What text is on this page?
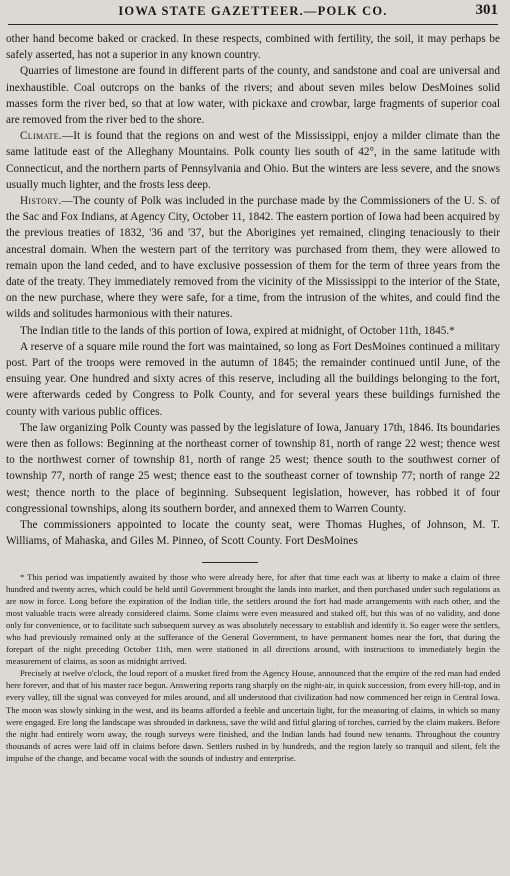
IOWA STATE GAZETTEER.—POLK CO.	301

other hand become baked or cracked. In these respects, combined with fertility, the soil, it may perhaps be safely asserted, has not a superior in any known country.

Quarries of limestone are found in different parts of the county, and sandstone and coal are universal and inexhaustible. Coal outcrops on the banks of the rivers; and about seven miles below DesMoines solid masses form the river bed, so that at low water, with pickaxe and crowbar, large fragments of superior coal are removed from the river bed to the shore.

Climate.—It is found that the regions on and west of the Mississippi, enjoy a milder climate than the same latitude east of the Alleghany Mountains. Polk county lies south of 42°, in the same latitude with Connecticut, and the northern parts of Pennsylvania and Ohio. But the winters are less severe, and the snows usually much lighter, and the frosts less deep.

History.—The county of Polk was included in the purchase made by the Commissioners of the U. S. of the Sac and Fox Indians, at Agency City, October 11, 1842. The eastern portion of Iowa had been acquired by the previous treaties of 1832, '36 and '37, but the Aborigines yet remained, clinging tenaciously to their ancestral domain. When the western part of the territory was purchased from them, they were allowed to remain upon the land ceded, and to have exclusive possession of them for the term of three years from the date of the treaty. They immediately removed from the vicinity of the Mississippi to the interior of the State, on the new purchase, where they were safe, for a time, from the intrusion of the whites, and could find the wilds and solitudes harmonious with their natures.

The Indian title to the lands of this portion of Iowa, expired at midnight, of October 11th, 1845.*

A reserve of a square mile round the fort was maintained, so long as Fort DesMoines continued a military post. Part of the troops were removed in the autumn of 1845; the remainder continued until June, of the ensuing year. One hundred and sixty acres of this reserve, including all the buildings belonging to the fort, were afterwards ceded by Congress to Polk County, and for several years these buildings furnished the county with various public offices.

The law organizing Polk County was passed by the legislature of Iowa, January 17th, 1846. Its boundaries were then as follows: Beginning at the northeast corner of township 81, north of range 22 west; thence west to the northwest corner of township 81, north of range 25 west; thence south to the southwest corner of township 77, north of range 25 west; thence east to the southeast corner of township 77; north of range 22 west; thence north to the place of beginning. Subsequent legislation, however, has robbed it of four congressional townships, along its southern border, and annexed them to Warren County.

The commissioners appointed to locate the county seat, were Thomas Hughes, of Johnson, M. T. Williams, of Mahaska, and Giles M. Pinneo, of Scott County. Fort DesMoines

* This period was impatiently awaited by those who were already here, for after that time each was at liberty to make a claim of three hundred and twenty acres, which could be held until Government brought the lands into market, and then purchased under such regulations as are now in force. Long before the expiration of the Indian title, the settlers around the fort had made arrangements with each other, and the most valuable tracts were already considered claims. Some claims were even measured and staked off, but this was of no validity, and done only for convenience, or to facilitate such subsequent survey as was absolutely necessary to establish and identify it. So eager were the settlers, who had previously remained only at the sufferance of the General Government, to have permanent homes near the fort, that during the forepart of the night preceding October 11th, men were stationed in all directions around, with instructions to immediately begin the measurement of claims, as soon as midnight arrived.

Precisely at twelve o'clock, the loud report of a musket fired from the Agency House, announced that the empire of the red man had ended here forever, and that of his master race begun. Answering reports rang sharply on the night-air, in quick succession, from every hill-top, and in every valley, till the signal was conveyed for miles around, and all understood that civilization had now commenced her reign in Central Iowa. The moon was slowly sinking in the west, and its beams afforded a feeble and uncertain light, for the measuring of claims, in which so many were engaged. Ere long the landscape was shrouded in darkness, save the wild and fitful glaring of torches, carried by the claim makers. Before the night had entirely worn away, the rough surveys were finished, and the Indian lands had found new tenants. Throughout the country thousands of acres were laid off in claims before dawn. Settlers rushed in by hundreds, and the region lately so tranquil and silent, felt the impulse of the change, and became vocal with the sounds of industry and enterprise.
